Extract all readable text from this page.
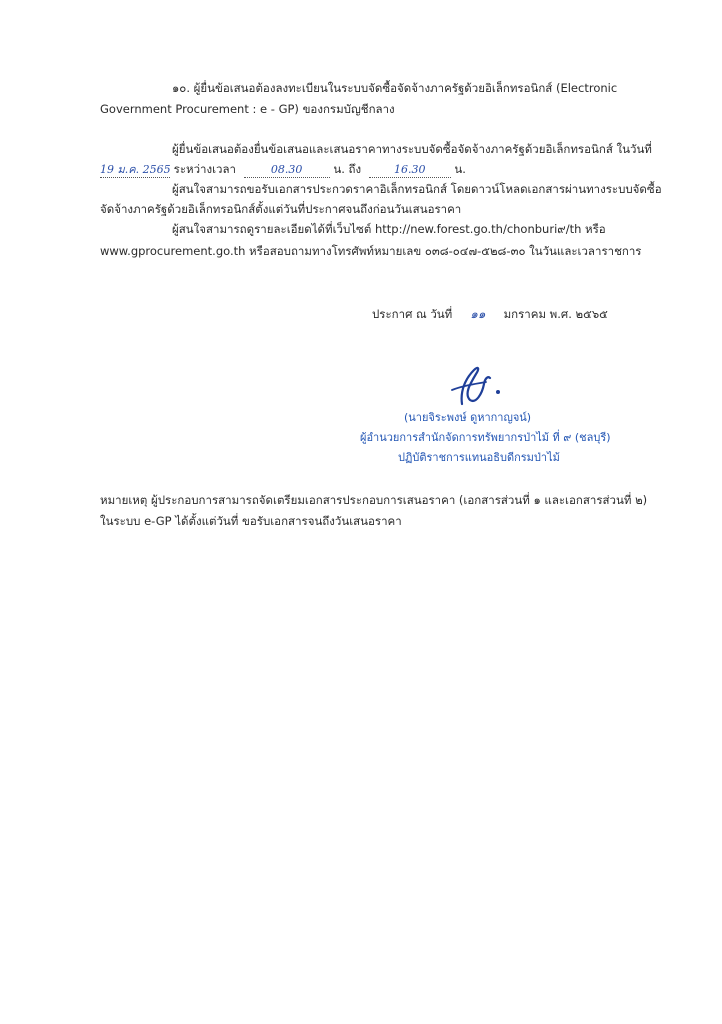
๑๐. ผู้ยื่นข้อเสนอต้องลงทะเบียนในระบบจัดซื้อจัดจ้างภาครัฐด้วยอิเล็กทรอนิกส์ (Electronic
Government Procurement : e - GP) ของกรมบัญชีกลาง
ผู้ยื่นข้อเสนอต้องยื่นข้อเสนอและเสนอราคาทางระบบจัดซื้อจัดจ้างภาครัฐด้วยอิเล็กทรอนิกส์ ในวันที่
19 ม.ค. 2565 ระหว่างเวลา	08.30	น. ถึง	16.30	น.
ผู้สนใจสามารถขอรับเอกสารประกวดราคาอิเล็กทรอนิกส์ โดยดาวน์โหลดเอกสารผ่านทางระบบจัดซื้อ
จัดจ้างภาครัฐด้วยอิเล็กทรอนิกส์ตั้งแต่วันที่ประกาศจนถึงก่อนวันเสนอราคา
ผู้สนใจสามารถดูรายละเอียดได้ที่เว็บไซต์ http://new.forest.go.th/chonburi๙/th หรือ
www.gprocurement.go.th หรือสอบถามทางโทรศัพท์หมายเลข ๐๓๘-๐๔๗-๕๒๘-๓๐ ในวันและเวลาราชการ
ประกาศ ณ วันที่ ๑๑ มกราคม พ.ศ. ๒๕๖๕
(นายจิระพงษ์ ดูหากาญจน์)
ผู้อำนวยการสำนักจัดการทรัพยากรป่าไม้ ที่ ๙ (ชลบุรี)
ปฏิบัติราชการแทนอธิบดีกรมป่าไม้
หมายเหตุ ผู้ประกอบการสามารถจัดเตรียมเอกสารประกอบการเสนอราคา (เอกสารส่วนที่ ๑ และเอกสารส่วนที่ ๒)
ในระบบ e-GP ได้ตั้งแต่วันที่ ขอรับเอกสารจนถึงวันเสนอราคา
